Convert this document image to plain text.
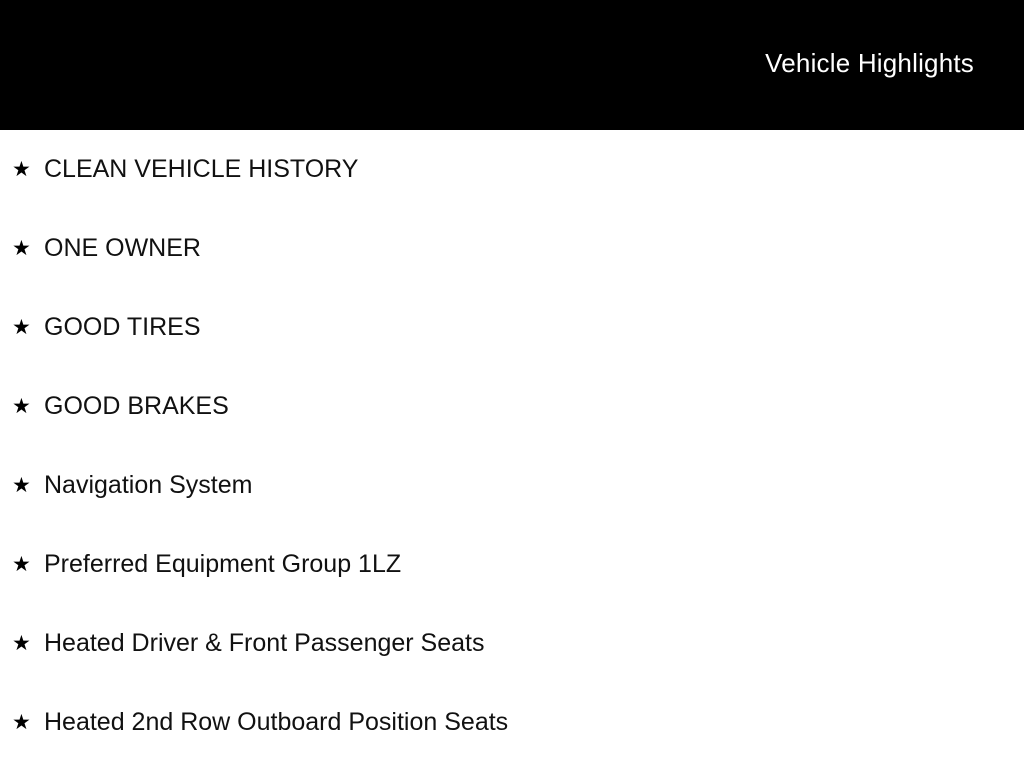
Vehicle Highlights
★ CLEAN VEHICLE HISTORY
★ ONE OWNER
★ GOOD TIRES
★ GOOD BRAKES
★ Navigation System
★ Preferred Equipment Group 1LZ
★ Heated Driver & Front Passenger Seats
★ Heated 2nd Row Outboard Position Seats
